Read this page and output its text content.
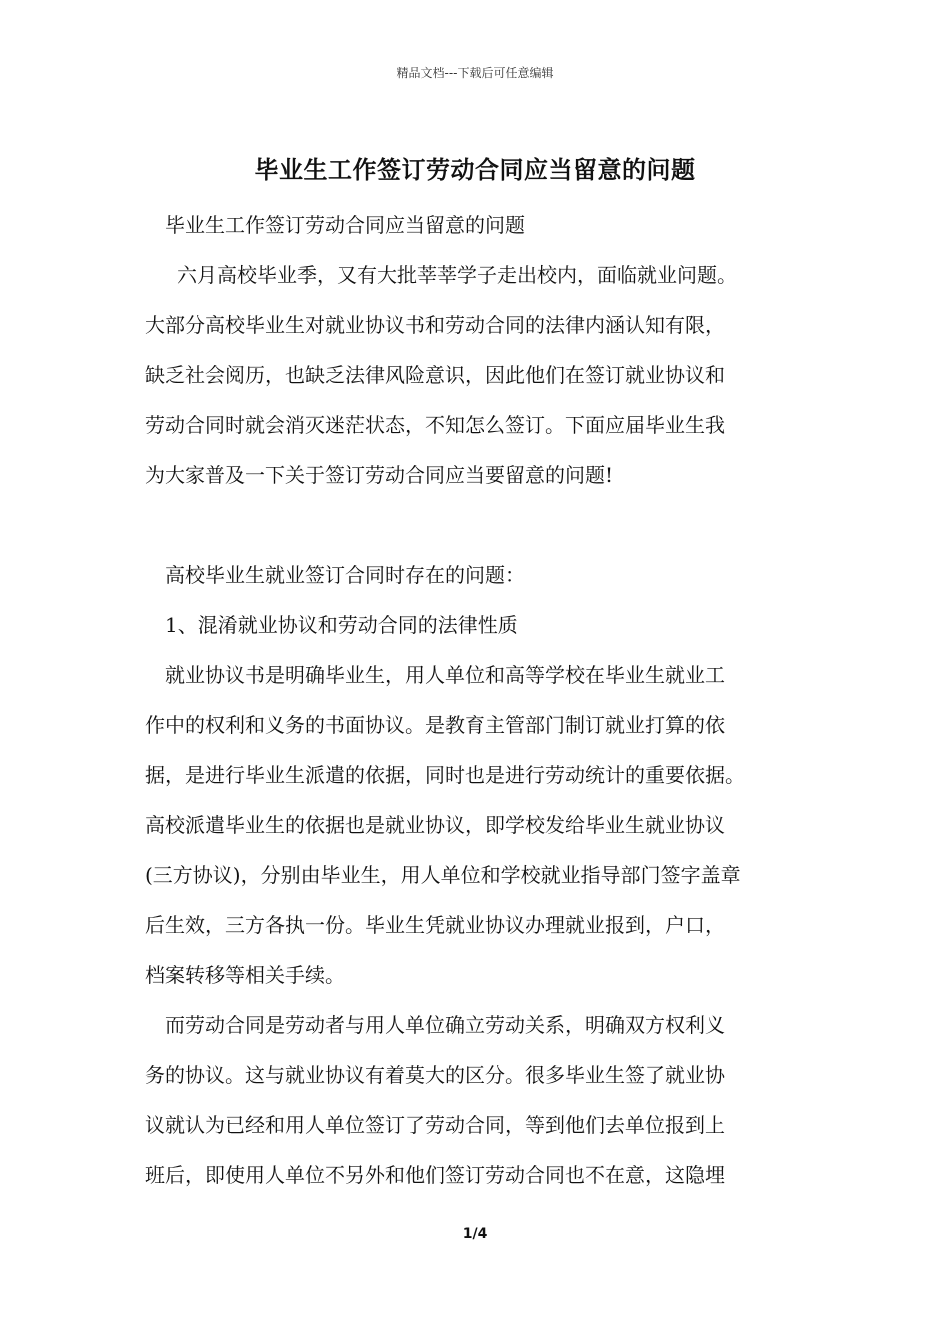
精品文档---下载后可任意编辑
毕业生工作签订劳动合同应当留意的问题
毕业生工作签订劳动合同应当留意的问题
六月高校毕业季，又有大批莘莘学子走出校内，面临就业问题。
大部分高校毕业生对就业协议书和劳动合同的法律内涵认知有限，
缺乏社会阅历，也缺乏法律风险意识，因此他们在签订就业协议和
劳动合同时就会消灭迷茫状态，不知怎么签订。下面应届毕业生我
为大家普及一下关于签订劳动合同应当要留意的问题!
高校毕业生就业签订合同时存在的问题：
1、混淆就业协议和劳动合同的法律性质
就业协议书是明确毕业生，用人单位和高等学校在毕业生就业工
作中的权利和义务的书面协议。是教育主管部门制订就业打算的依
据，是进行毕业生派遣的依据，同时也是进行劳动统计的重要依据。
高校派遣毕业生的依据也是就业协议，即学校发给毕业生就业协议
(三方协议)，分别由毕业生，用人单位和学校就业指导部门签字盖章
后生效，三方各执一份。毕业生凭就业协议办理就业报到，户口，
档案转移等相关手续。
而劳动合同是劳动者与用人单位确立劳动关系，明确双方权利义
务的协议。这与就业协议有着莫大的区分。很多毕业生签了就业协
议就认为已经和用人单位签订了劳动合同，等到他们去单位报到上
班后，即使用人单位不另外和他们签订劳动合同也不在意，这隐埋
1/4
